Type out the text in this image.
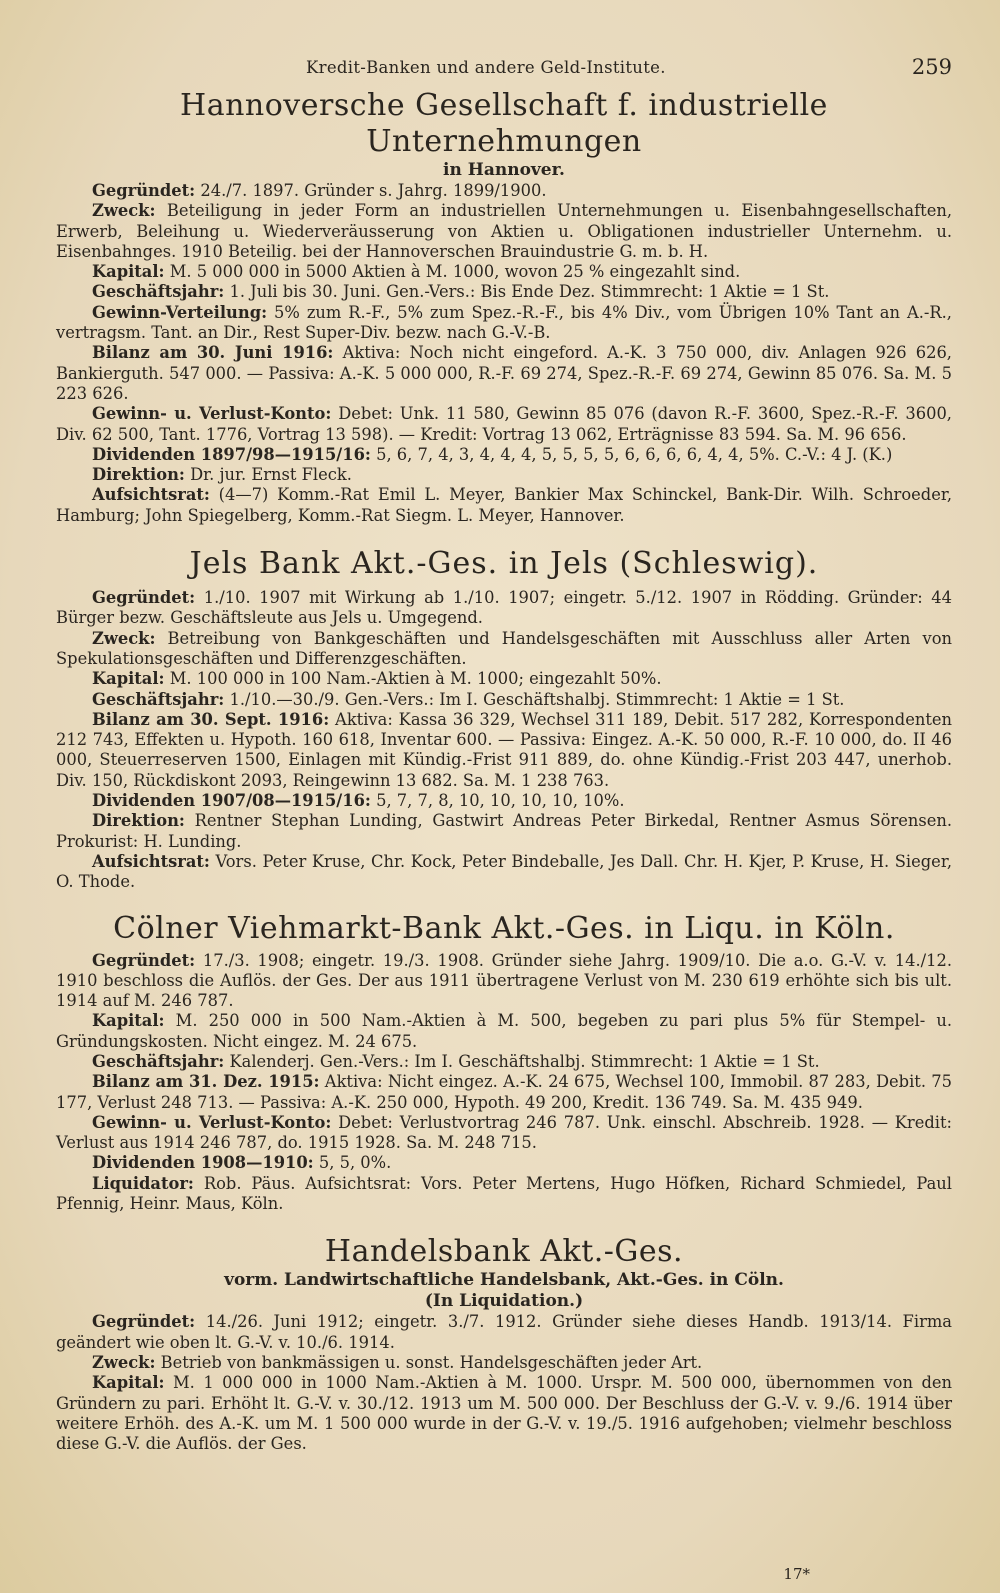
Kredit-Banken und andere Geld-Institute.	259
Hannoversche Gesellschaft f. industrielle Unternehmungen

in Hannover.

Gegründet: 24./7. 1897. Gründer s. Jahrg. 1899/1900.

Zweck: Beteiligung in jeder Form an industriellen Unternehmungen u. Eisenbahngesellschaften, Erwerb, Beleihung u. Wiederveräusserung von Aktien u. Obligationen industrieller Unternehm. u. Eisenbahnges. 1910 Beteilig. bei der Hannoverschen Brauindustrie G. m. b. H.

Kapital: M. 5 000 000 in 5000 Aktien à M. 1000, wovon 25 % eingezahlt sind.

Geschäftsjahr: 1. Juli bis 30. Juni. Gen.-Vers.: Bis Ende Dez. Stimmrecht: 1 Aktie = 1 St.

Gewinn-Verteilung: 5% zum R.-F., 5% zum Spez.-R.-F., bis 4% Div., vom Übrigen 10% Tant an A.-R., vertragsm. Tant. an Dir., Rest Super-Div. bezw. nach G.-V.-B.

Bilanz am 30. Juni 1916: Aktiva: Noch nicht eingeford. A.-K. 3 750 000, div. Anlagen 926 626, Bankierguth. 547 000. — Passiva: A.-K. 5 000 000, R.-F. 69 274, Spez.-R.-F. 69 274, Gewinn 85 076. Sa. M. 5 223 626.

Gewinn- u. Verlust-Konto: Debet: Unk. 11 580, Gewinn 85 076 (davon R.-F. 3600, Spez.-R.-F. 3600, Div. 62 500, Tant. 1776, Vortrag 13 598). — Kredit: Vortrag 13 062, Erträgnisse 83 594. Sa. M. 96 656.

Dividenden 1897/98—1915/16: 5, 6, 7, 4, 3, 4, 4, 4, 5, 5, 5, 5, 6, 6, 6, 6, 4, 4, 5%. C.-V.: 4 J. (K.)

Direktion: Dr. jur. Ernst Fleck.

Aufsichtsrat: (4—7) Komm.-Rat Emil L. Meyer, Bankier Max Schinckel, Bank-Dir. Wilh. Schroeder, Hamburg; John Spiegelberg, Komm.-Rat Siegm. L. Meyer, Hannover.

Jels Bank Akt.-Ges. in Jels (Schleswig).

Gegründet: 1./10. 1907 mit Wirkung ab 1./10. 1907; eingetr. 5./12. 1907 in Rödding. Gründer: 44 Bürger bezw. Geschäftsleute aus Jels u. Umgegend.

Zweck: Betreibung von Bankgeschäften und Handelsgeschäften mit Ausschluss aller Arten von Spekulationsgeschäften und Differenzgeschäften.

Kapital: M. 100 000 in 100 Nam.-Aktien à M. 1000; eingezahlt 50%.

Geschäftsjahr: 1./10.—30./9. Gen.-Vers.: Im I. Geschäftshalbj. Stimmrecht: 1 Aktie = 1 St.

Bilanz am 30. Sept. 1916: Aktiva: Kassa 36 329, Wechsel 311 189, Debit. 517 282, Korrespondenten 212 743, Effekten u. Hypoth. 160 618, Inventar 600. — Passiva: Eingez. A.-K. 50 000, R.-F. 10 000, do. II 46 000, Steuerreserven 1500, Einlagen mit Kündig.-Frist 911 889, do. ohne Kündig.-Frist 203 447, unerhob. Div. 150, Rückdiskont 2093, Reingewinn 13 682. Sa. M. 1 238 763.

Dividenden 1907/08—1915/16: 5, 7, 7, 8, 10, 10, 10, 10, 10%.

Direktion: Rentner Stephan Lunding, Gastwirt Andreas Peter Birkedal, Rentner Asmus Sörensen. Prokurist: H. Lunding.

Aufsichtsrat: Vors. Peter Kruse, Chr. Kock, Peter Bindeballe, Jes Dall. Chr. H. Kjer, P. Kruse, H. Sieger, O. Thode.

Cölner Viehmarkt-Bank Akt.-Ges. in Liqu. in Köln.

Gegründet: 17./3. 1908; eingetr. 19./3. 1908. Gründer siehe Jahrg. 1909/10. Die a.o. G.-V. v. 14./12. 1910 beschloss die Auflös. der Ges. Der aus 1911 übertragene Verlust von M. 230 619 erhöhte sich bis ult. 1914 auf M. 246 787.

Kapital: M. 250 000 in 500 Nam.-Aktien à M. 500, begeben zu pari plus 5% für Stempel- u. Gründungskosten. Nicht eingez. M. 24 675.

Geschäftsjahr: Kalenderj. Gen.-Vers.: Im I. Geschäftshalbj. Stimmrecht: 1 Aktie = 1 St.

Bilanz am 31. Dez. 1915: Aktiva: Nicht eingez. A.-K. 24 675, Wechsel 100, Immobil. 87 283, Debit. 75 177, Verlust 248 713. — Passiva: A.-K. 250 000, Hypoth. 49 200, Kredit. 136 749. Sa. M. 435 949.

Gewinn- u. Verlust-Konto: Debet: Verlustvortrag 246 787. Unk. einschl. Abschreib. 1928. — Kredit: Verlust aus 1914 246 787, do. 1915 1928. Sa. M. 248 715.

Dividenden 1908—1910: 5, 5, 0%.

Liquidator: Rob. Päus. Aufsichtsrat: Vors. Peter Mertens, Hugo Höfken, Richard Schmiedel, Paul Pfennig, Heinr. Maus, Köln.

Handelsbank Akt.-Ges.

vorm. Landwirtschaftliche Handelsbank, Akt.-Ges. in Cöln.

(In Liquidation.)

Gegründet: 14./26. Juni 1912; eingetr. 3./7. 1912. Gründer siehe dieses Handb. 1913/14. Firma geändert wie oben lt. G.-V. v. 10./6. 1914.

Zweck: Betrieb von bankmässigen u. sonst. Handelsgeschäften jeder Art.

Kapital: M. 1 000 000 in 1000 Nam.-Aktien à M. 1000. Urspr. M. 500 000, übernommen von den Gründern zu pari. Erhöht lt. G.-V. v. 30./12. 1913 um M. 500 000. Der Beschluss der G.-V. v. 9./6. 1914 über weitere Erhöh. des A.-K. um M. 1 500 000 wurde in der G.-V. v. 19./5. 1916 aufgehoben; vielmehr beschloss diese G.-V. die Auflös. der Ges.

17*
